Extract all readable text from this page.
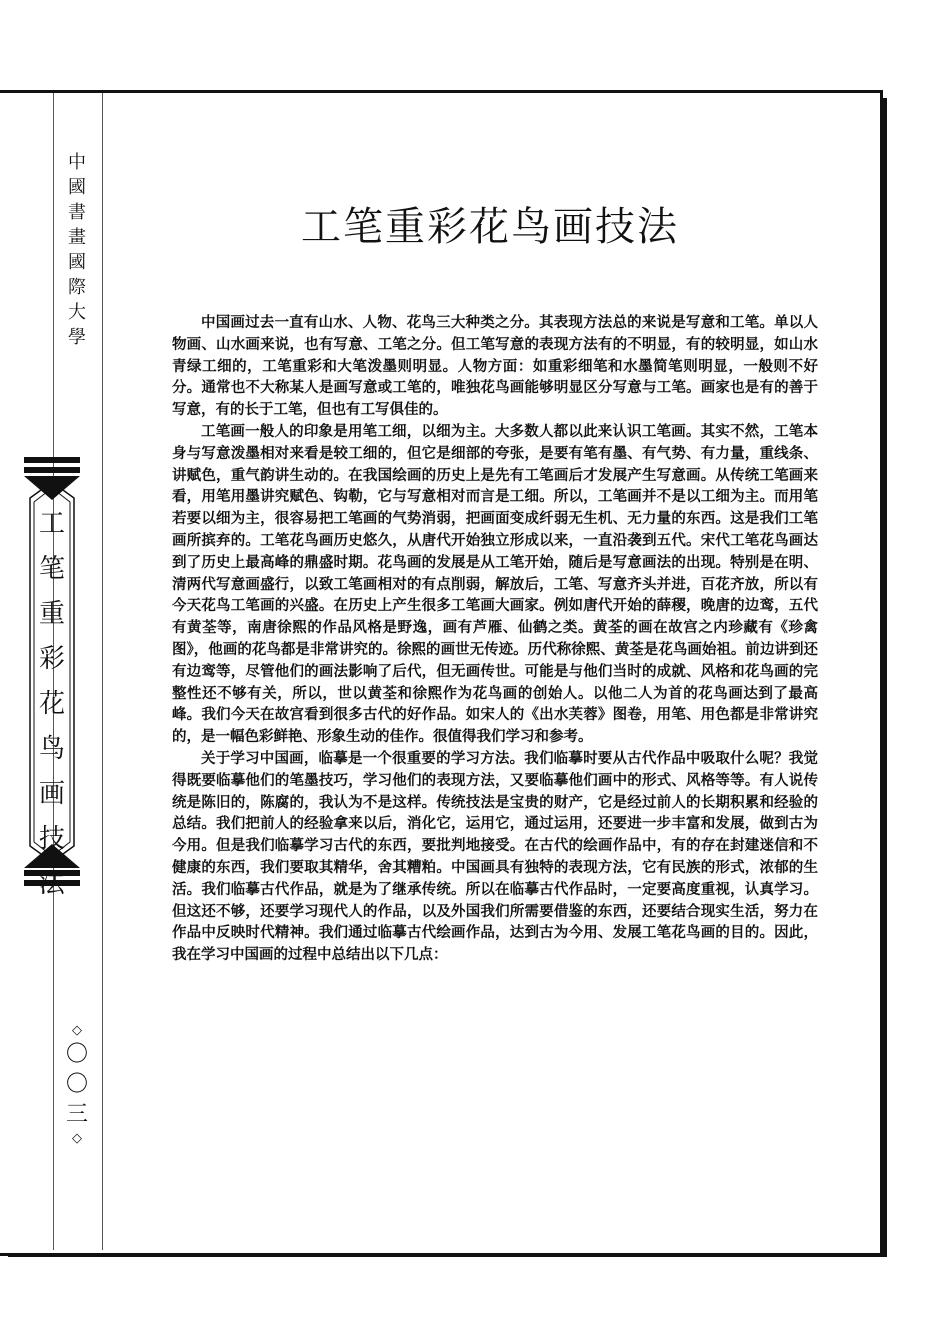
中國書畫國際大學
工笔重彩花鸟画技法
◇
〇〇三
◇
工笔重彩花鸟画技法

中国画过去一直有山水、人物、花鸟三大种类之分。其表现方法总的来说是写意和工笔。单以人物画、山水画来说，也有写意、工笔之分。但工笔写意的表现方法有的不明显，有的较明显，如山水青绿工细的，工笔重彩和大笔泼墨则明显。人物方面：如重彩细笔和水墨简笔则明显，一般则不好分。通常也不大称某人是画写意或工笔的，唯独花鸟画能够明显区分写意与工笔。画家也是有的善于写意，有的长于工笔，但也有工写俱佳的。

工笔画一般人的印象是用笔工细，以细为主。大多数人都以此来认识工笔画。其实不然，工笔本身与写意泼墨相对来看是较工细的，但它是细部的夸张，是要有笔有墨、有气势、有力量，重线条、讲赋色，重气韵讲生动的。在我国绘画的历史上是先有工笔画后才发展产生写意画。从传统工笔画来看，用笔用墨讲究赋色、钩勒，它与写意相对而言是工细。所以，工笔画并不是以工细为主。而用笔若要以细为主，很容易把工笔画的气势消弱，把画面变成纤弱无生机、无力量的东西。这是我们工笔画所摈弃的。工笔花鸟画历史悠久，从唐代开始独立形成以来，一直沿袭到五代。宋代工笔花鸟画达到了历史上最高峰的鼎盛时期。花鸟画的发展是从工笔开始，随后是写意画法的出现。特别是在明、清两代写意画盛行，以致工笔画相对的有点削弱，解放后，工笔、写意齐头并进，百花齐放，所以有今天花鸟工笔画的兴盛。在历史上产生很多工笔画大画家。例如唐代开始的薛稷，晚唐的边鸾，五代有黄荃等，南唐徐熙的作品风格是野逸，画有芦雁、仙鹤之类。黄荃的画在故宫之内珍藏有《珍禽图》，他画的花鸟都是非常讲究的。徐熙的画世无传迹。历代称徐熙、黄荃是花鸟画始祖。前边讲到还有边鸾等，尽管他们的画法影响了后代，但无画传世。可能是与他们当时的成就、风格和花鸟画的完整性还不够有关，所以，世以黄荃和徐熙作为花鸟画的创始人。以他二人为首的花鸟画达到了最高峰。我们今天在故宫看到很多古代的好作品。如宋人的《出水芙蓉》图卷，用笔、用色都是非常讲究的，是一幅色彩鲜艳、形象生动的佳作。很值得我们学习和参考。

关于学习中国画，临摹是一个很重要的学习方法。我们临摹时要从古代作品中吸取什么呢？我觉得既要临摹他们的笔墨技巧，学习他们的表现方法，又要临摹他们画中的形式、风格等等。有人说传统是陈旧的，陈腐的，我认为不是这样。传统技法是宝贵的财产，它是经过前人的长期积累和经验的总结。我们把前人的经验拿来以后，消化它，运用它，通过运用，还要进一步丰富和发展，做到古为今用。但是我们临摹学习古代的东西，要批判地接受。在古代的绘画作品中，有的存在封建迷信和不健康的东西，我们要取其精华，舍其糟粕。中国画具有独特的表现方法，它有民族的形式，浓郁的生活。我们临摹古代作品，就是为了继承传统。所以在临摹古代作品时，一定要高度重视，认真学习。但这还不够，还要学习现代人的作品，以及外国我们所需要借鉴的东西，还要结合现实生活，努力在作品中反映时代精神。我们通过临摹古代绘画作品，达到古为今用、发展工笔花鸟画的目的。因此，我在学习中国画的过程中总结出以下几点：
